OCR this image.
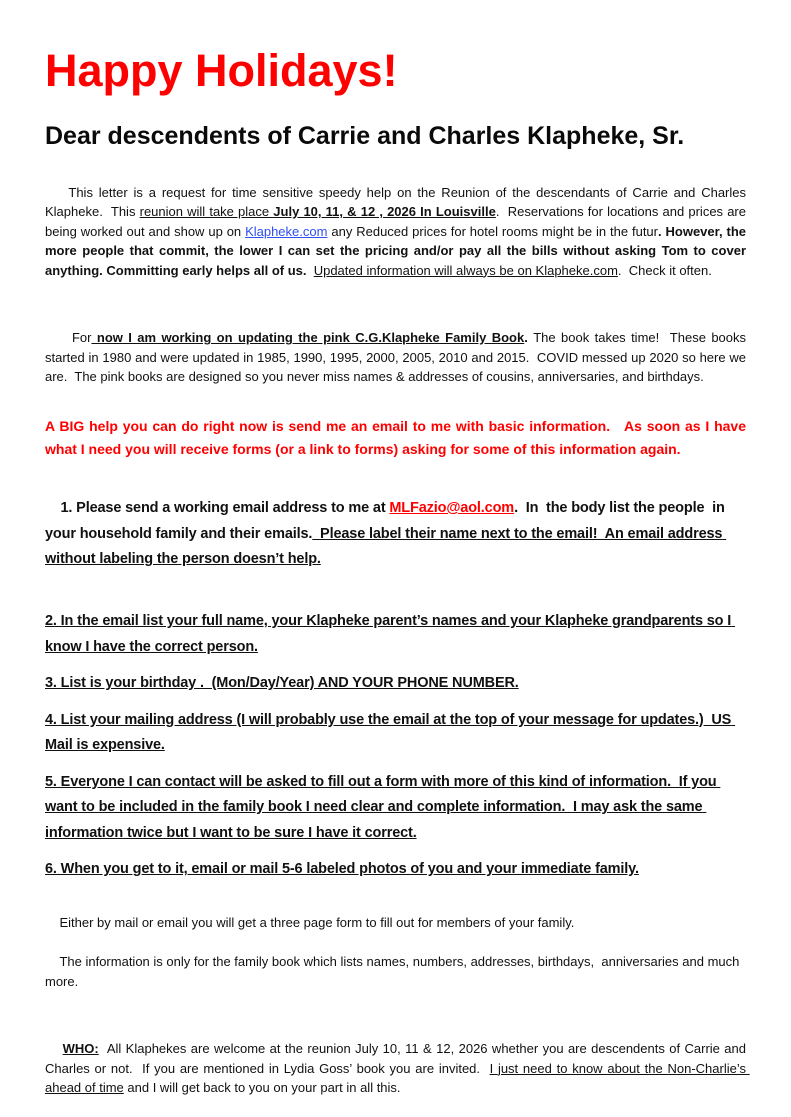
Happy Holidays!
Dear descendents of Carrie and Charles Klapheke, Sr.

This letter is a request for time sensitive speedy help on the Reunion of the descendants of Carrie and Charles Klapheke.  This reunion will take place July 10, 11, & 12 , 2026 In Louisville.  Reservations for locations and prices are being worked out and show up on Klapheke.com any Reduced prices for hotel rooms might be in the futur. However, the more people that commit, the lower I can set the pricing and/or pay all the bills without asking Tom to cover anything. Committing early helps all of us.  Updated information will always be on Klapheke.com.  Check it often.

For now I am working on updating the pink C.G.Klapheke Family Book. The book takes time!  These books started in 1980 and were updated in 1985, 1990, 1995, 2000, 2005, 2010 and 2015.  COVID messed up 2020 so here we are.  The pink books are designed so you never miss names & addresses of cousins, anniversaries, and birthdays.

A BIG help you can do right now is send me an email to me with basic information.   As soon as I have what I need you will receive forms (or a link to forms) asking for some of this information again.

1. Please send a working email address to me at MLFazio@aol.com.  In  the body list the people  in your household family and their emails.  Please label their name next to the email!  An email address without labeling the person doesn’t help.

2. In the email list your full name, your Klapheke parent’s names and your Klapheke grandparents so I know I have the correct person.

3. List is your birthday .  (Mon/Day/Year) AND YOUR PHONE NUMBER.

4. List your mailing address (I will probably use the email at the top of your message for updates.)  US Mail is expensive.

5. Everyone I can contact will be asked to fill out a form with more of this kind of information.  If you want to be included in the family book I need clear and complete information.  I may ask the same information twice but I want to be sure I have it correct.

6. When you get to it, email or mail 5-6 labeled photos of you and your immediate family.

Either by mail or email you will get a three page form to fill out for members of your family.

The information is only for the family book which lists names, numbers, addresses, birthdays,  anniversaries and much more.

WHO:  All Klaphekes are welcome at the reunion July 10, 11 & 12, 2026 whether you are descendents of Carrie and Charles or not.  If you are mentioned in Lydia Goss’ book you are invited.  I just need to know about the Non-Charlie’s ahead of time and I will get back to you on your part in all this.
